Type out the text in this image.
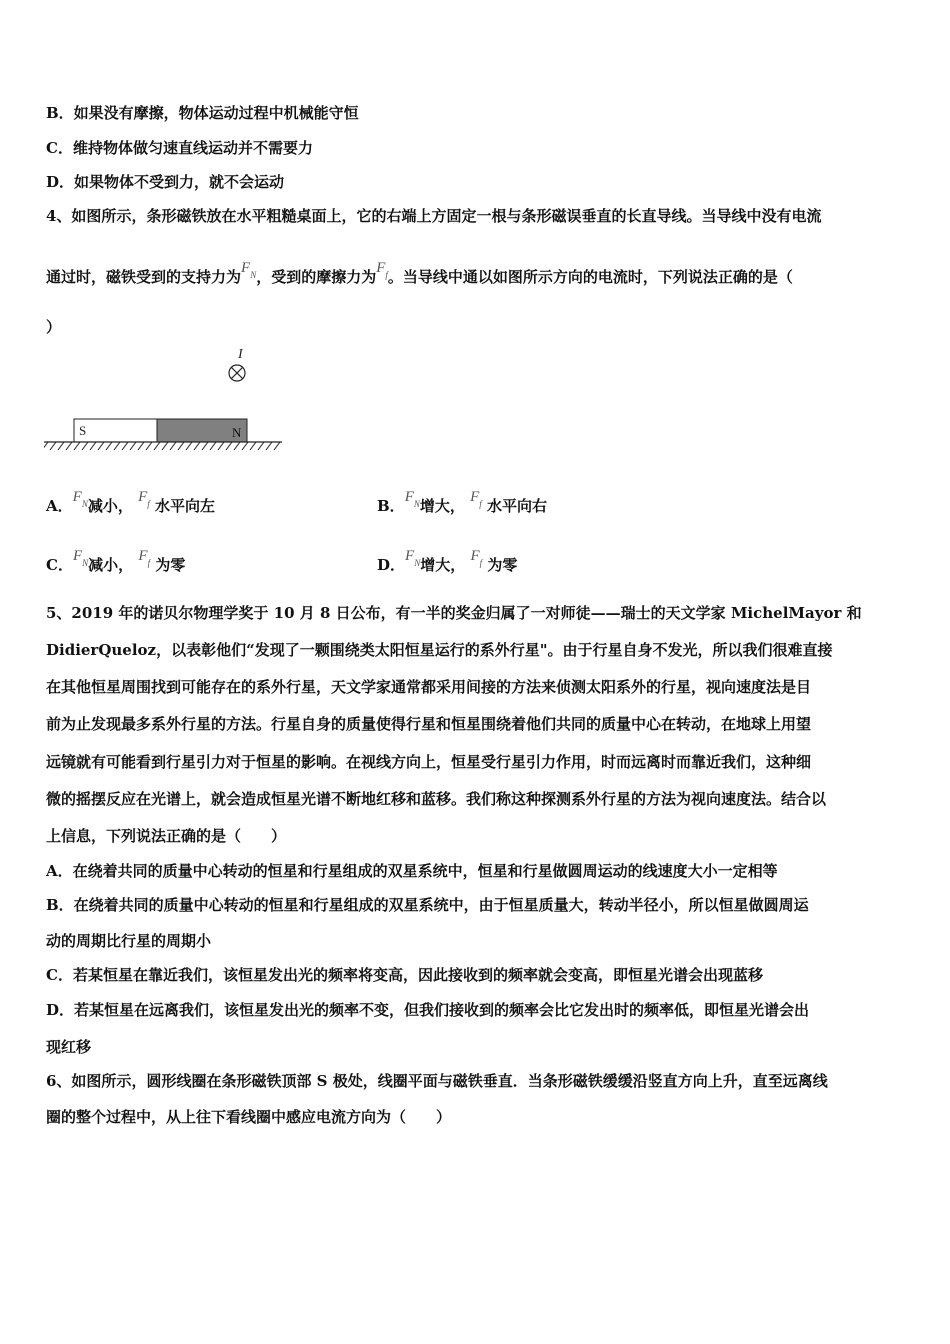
B．如果没有摩擦，物体运动过程中机械能守恒
C．维持物体做匀速直线运动并不需要力
D．如果物体不受到力，就不会运动
4、如图所示，条形磁铁放在水平粗糙桌面上，它的右端上方固定一根与条形磁误垂直的长直导线。当导线中没有电流
通过时，磁铁受到的支持力为$F_N$，受到的摩擦力为$F_f$。当导线中通以如图所示方向的电流时，下列说法正确的是（
）
I
S	N
A．$F_N$减小， $F_f$ 水平向左	B．$F_N$增大， $F_f$ 水平向右
C．$F_N$减小， $F_f$ 为零	D．$F_N$增大， $F_f$ 为零
5、2019 年的诺贝尔物理学奖于 10 月 8 日公布，有一半的奖金归属了一对师徒——瑞士的天文学家 MichelMayor 和
DidierQueloz，以表彰他们“发现了一颗围绕类太阳恒星运行的系外行星"。由于行星自身不发光，所以我们很难直接
在其他恒星周围找到可能存在的系外行星，天文学家通常都采用间接的方法来侦测太阳系外的行星，视向速度法是目
前为止发现最多系外行星的方法。行星自身的质量使得行星和恒星围绕着他们共同的质量中心在转动，在地球上用望
远镜就有可能看到行星引力对于恒星的影响。在视线方向上，恒星受行星引力作用，时而远离时而靠近我们，这种细
微的摇摆反应在光谱上，就会造成恒星光谱不断地红移和蓝移。我们称这种探测系外行星的方法为视向速度法。结合以
上信息，下列说法正确的是（　　）
A．在绕着共同的质量中心转动的恒星和行星组成的双星系统中，恒星和行星做圆周运动的线速度大小一定相等
B．在绕着共同的质量中心转动的恒星和行星组成的双星系统中，由于恒星质量大，转动半径小，所以恒星做圆周运
动的周期比行星的周期小
C．若某恒星在靠近我们，该恒星发出光的频率将变高，因此接收到的频率就会变高，即恒星光谱会出现蓝移
D．若某恒星在远离我们，该恒星发出光的频率不变，但我们接收到的频率会比它发出时的频率低，即恒星光谱会出
现红移
6、如图所示，圆形线圈在条形磁铁顶部 S 极处，线圈平面与磁铁垂直．当条形磁铁缓缓沿竖直方向上升，直至远离线
圈的整个过程中，从上往下看线圈中感应电流方向为（　　）
